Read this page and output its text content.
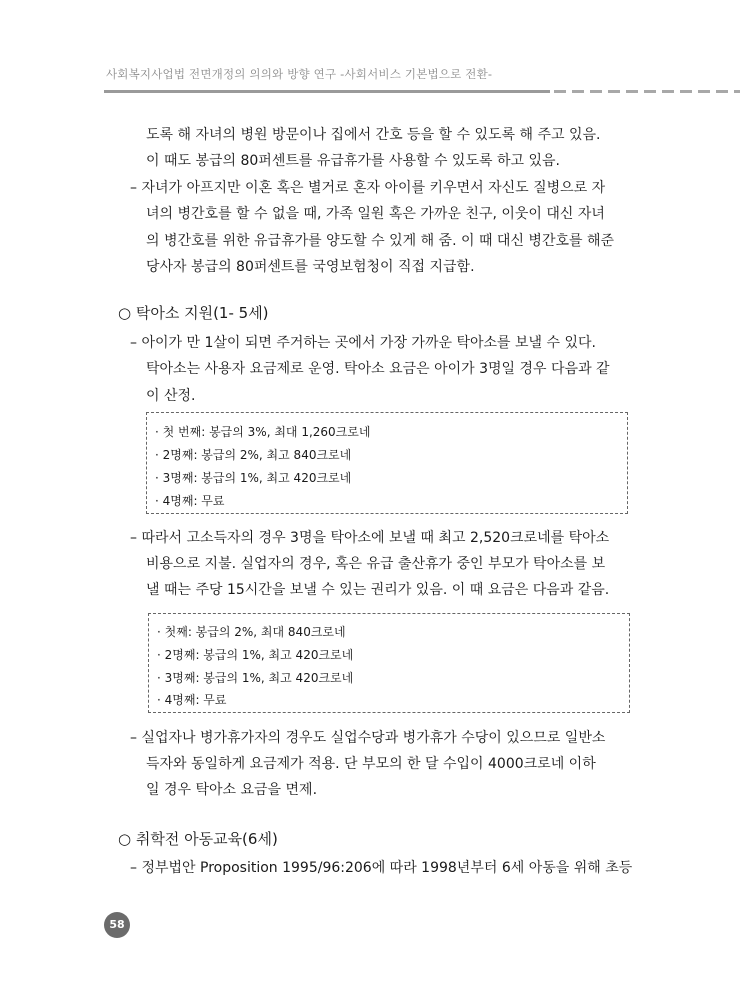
사회복지사업법 전면개정의 의의와 방향 연구 -사회서비스 기본법으로 전환-
도록 해 자녀의 병원 방문이나 집에서 간호 등을 할 수 있도록 해 주고 있음.
이 때도 봉급의 80퍼센트를 유급휴가를 사용할 수 있도록 하고 있음.
– 자녀가 아프지만 이혼 혹은 별거로 혼자 아이를 키우면서 자신도 질병으로 자
녀의 병간호를 할 수 없을 때, 가족 일원 혹은 가까운 친구, 이웃이 대신 자녀
의 병간호를 위한 유급휴가를 양도할 수 있게 해 줌. 이 때 대신 병간호를 해준
당사자 봉급의 80퍼센트를 국영보험청이 직접 지급함.
○ 탁아소 지원(1- 5세)
– 아이가 만 1살이 되면 주거하는 곳에서 가장 가까운 탁아소를 보낼 수 있다.
탁아소는 사용자 요금제로 운영. 탁아소 요금은 아이가 3명일 경우 다음과 같
이 산정.
· 첫 번째: 봉급의 3%, 최대 1,260크로네
· 2명째: 봉급의 2%, 최고 840크로네
· 3명째: 봉급의 1%, 최고 420크로네
· 4명째: 무료
– 따라서 고소득자의 경우 3명을 탁아소에 보낼 때 최고 2,520크로네를 탁아소
비용으로 지불. 실업자의 경우, 혹은 유급 출산휴가 중인 부모가 탁아소를 보
낼 때는 주당 15시간을 보낼 수 있는 권리가 있음. 이 때 요금은 다음과 같음.
· 첫째: 봉급의 2%, 최대 840크로네
· 2명째: 봉급의 1%, 최고 420크로네
· 3명째: 봉급의 1%, 최고 420크로네
· 4명째: 무료
– 실업자나 병가휴가자의 경우도 실업수당과 병가휴가 수당이 있으므로 일반소
득자와 동일하게 요금제가 적용. 단 부모의 한 달 수입이 4000크로네 이하
일 경우 탁아소 요금을 면제.
○ 취학전 아동교육(6세)
– 정부법안 Proposition 1995/96:206에 따라 1998년부터 6세 아동을 위해 초등
58
